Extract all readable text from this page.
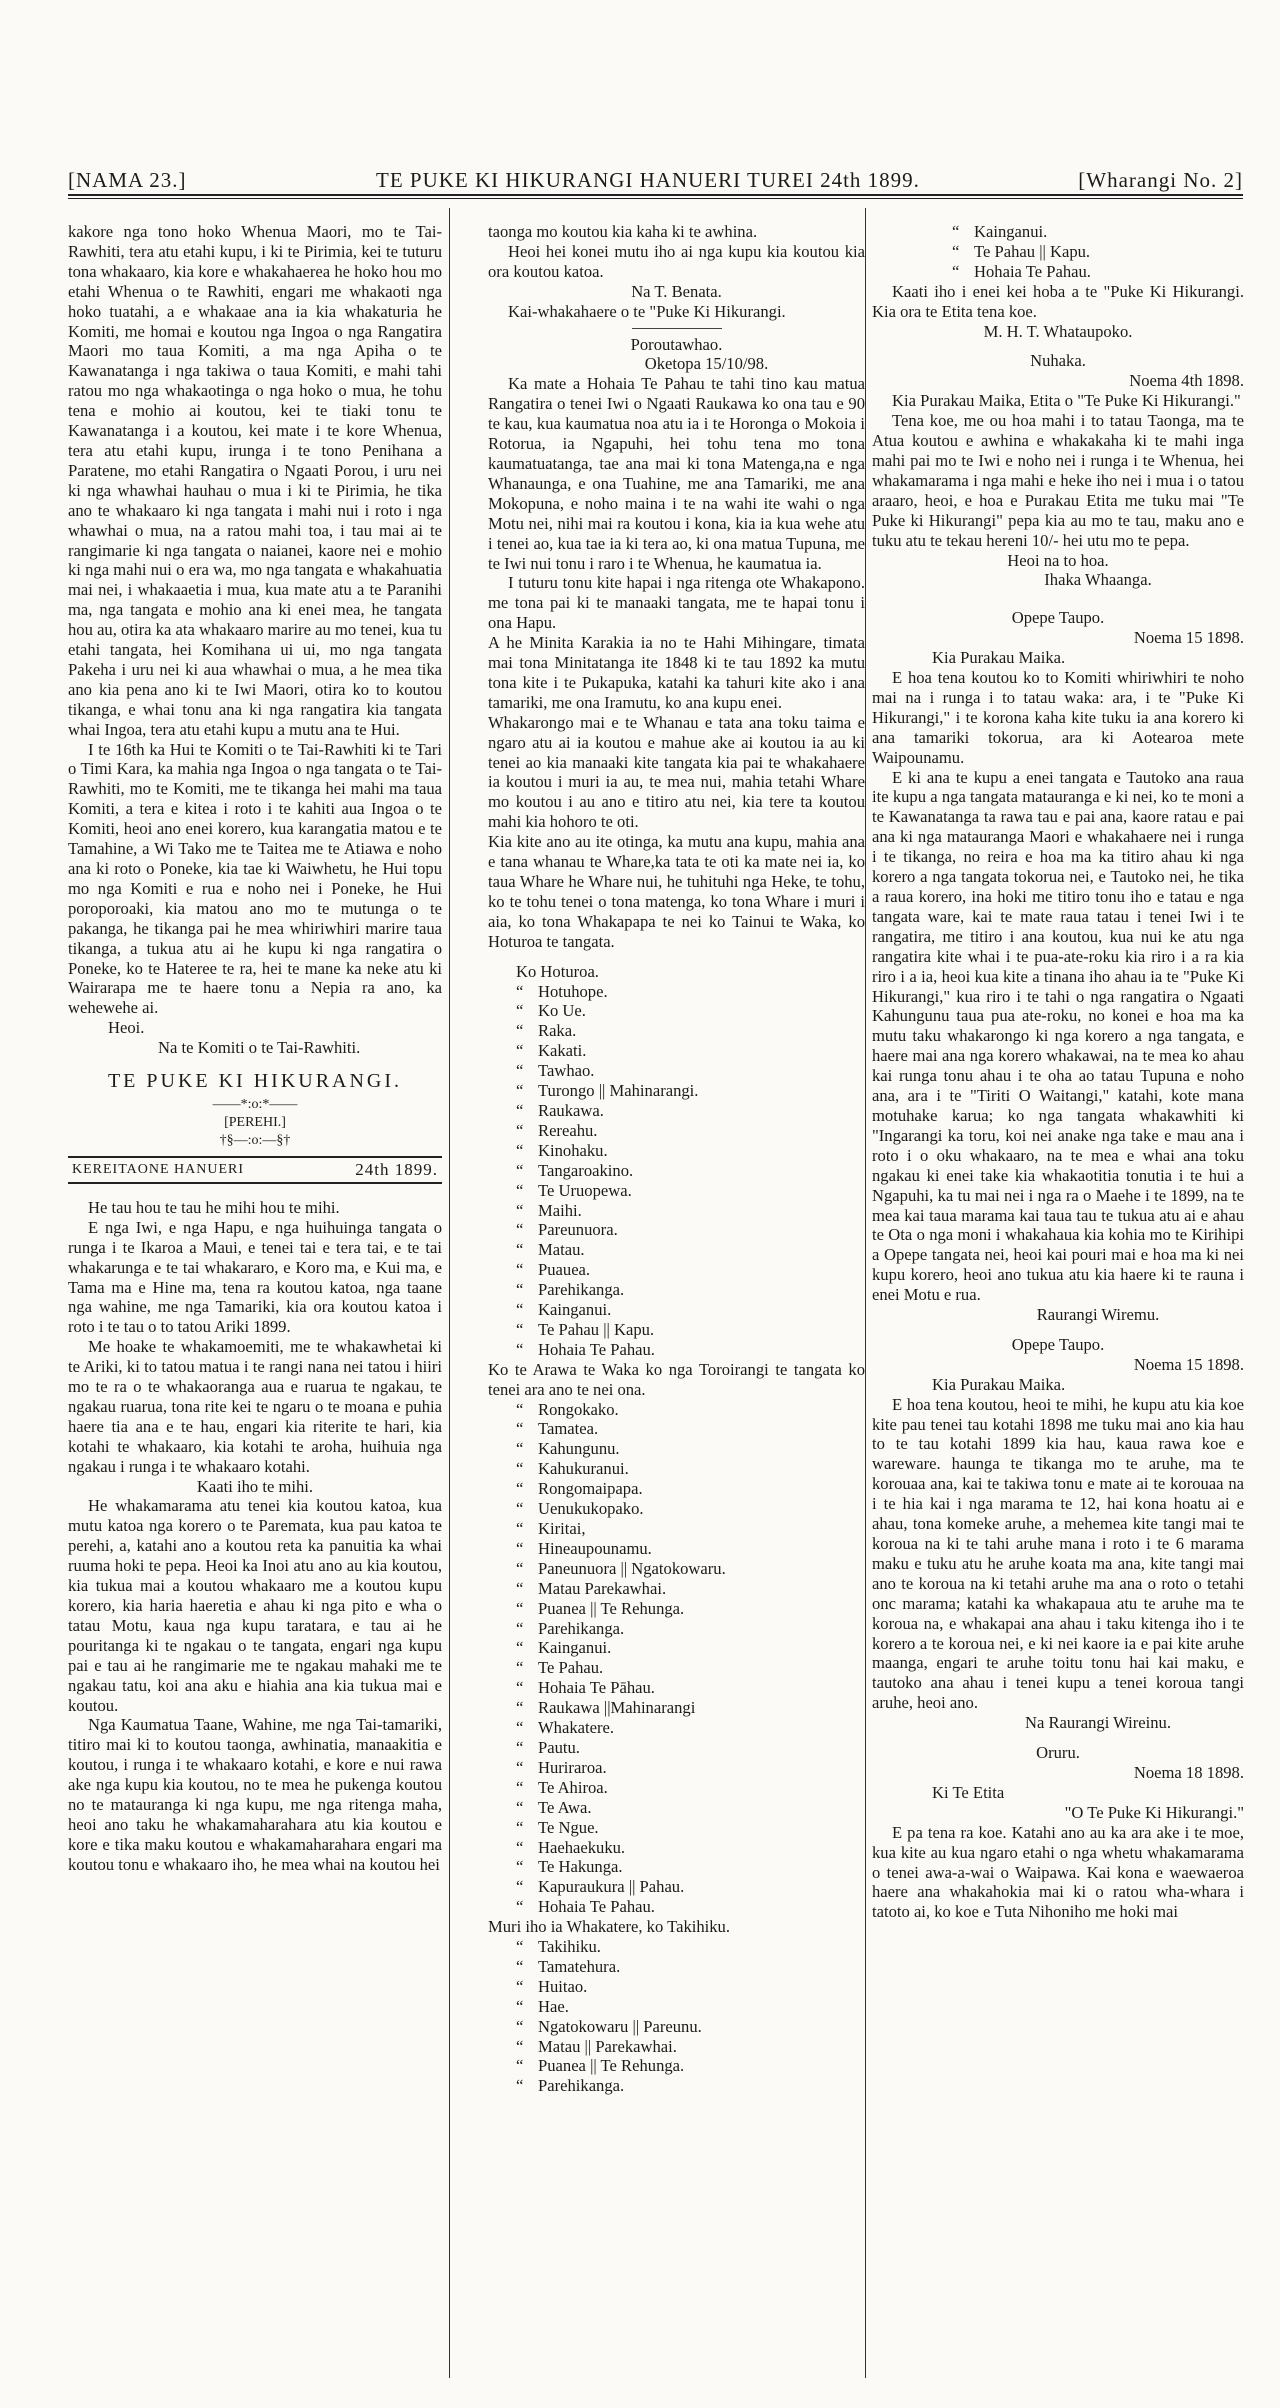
[NAMA 23.]	TE PUKE KI HIKURANGI HANUERI TUREI 24th 1899.	[Wharangi No. 2]

kakore nga tono hoko Whenua Maori, mo te Tai-Rawhiti, tera atu etahi kupu, i ki te Pirimia, kei te tuturu tona whakaaro, kia kore e whakahaerea he hoko hou mo etahi Whenua o te Rawhiti, engari me whakaoti nga hoko tuatahi, a e whakaae ana ia kia whakaturia he Komiti, me homai e koutou nga Ingoa o nga Rangatira Maori mo taua Komiti, a ma nga Apiha o te Kawanatanga i nga takiwa o taua Komiti, e mahi tahi ratou mo nga whakaotinga o nga hoko o mua, he tohu tena e mohio ai koutou, kei te tiaki tonu te Kawanatanga i a koutou, kei mate i te kore Whenua, tera atu etahi kupu, irunga i te tono Penihana a Paratene, mo etahi Rangatira o Ngaati Porou, i uru nei ki nga whawhai hauhau o mua i ki te Pirimia, he tika ano te whakaaro ki nga tangata i mahi nui i roto i nga whawhai o mua, na a ratou mahi toa, i tau mai ai te rangimarie ki nga tangata o naianei, kaore nei e mohio ki nga mahi nui o era wa, mo nga tangata e whakahuatia mai nei, i whakaaetia i mua, kua mate atu a te Paranihi ma, nga tangata e mohio ana ki enei mea, he tangata hou au, otira ka ata whakaaro marire au mo tenei, kua tu etahi tangata, hei Komihana ui ui, mo nga tangata Pakeha i uru nei ki aua whawhai o mua, a he mea tika ano kia pena ano ki te Iwi Maori, otira ko to koutou tikanga, e whai tonu ana ki nga rangatira kia tangata whai Ingoa, tera atu etahi kupu a mutu ana te Hui.

I te 16th ka Hui te Komiti o te Tai-Rawhiti ki te Tari o Timi Kara, ka mahia nga Ingoa o nga tangata o te Tai-Rawhiti, mo te Komiti, me te tikanga hei mahi ma taua Komiti, a tera e kitea i roto i te kahiti aua Ingoa o te Komiti, heoi ano enei korero, kua karangatia matou e te Tamahine, a Wi Tako me te Taitea me te Atiawa e noho ana ki roto o Poneke, kia tae ki Waiwhetu, he Hui topu mo nga Komiti e rua e noho nei i Poneke, he Hui poroporoaki, kia matou ano mo te mutunga o te pakanga, he tikanga pai he mea whiriwhiri marire taua tikanga, a tukua atu ai he kupu ki nga rangatira o Poneke, ko te Hateree te ra, hei te mane ka neke atu ki Wairarapa me te haere tonu a Nepia ra ano, ka wehewehe ai.

Heoi.

Na te Komiti o te Tai-Rawhiti.

TE PUKE KI HIKURANGI.
——*:o:*——
[PEREHI.]
†§—:o:—§†
KEREITAONE HANUERI	24th 1899.

He tau hou te tau he mihi hou te mihi.

E nga Iwi, e nga Hapu, e nga huihuinga tangata o runga i te Ikaroa a Maui, e tenei tai e tera tai, e te tai whakarunga e te tai whakararo, e Koro ma, e Kui ma, e Tama ma e Hine ma, tena ra koutou katoa, nga taane nga wahine, me nga Tamariki, kia ora koutou katoa i roto i te tau o to tatou Ariki 1899.

Me hoake te whakamoemiti, me te whakawhetai ki te Ariki, ki to tatou matua i te rangi nana nei tatou i hiiri mo te ra o te whakaoranga aua e ruarua te ngakau, te ngakau ruarua, tona rite kei te ngaru o te moana e puhia haere tia ana e te hau, engari kia riterite te hari, kia kotahi te whakaaro, kia kotahi te aroha, huihuia nga ngakau i runga i te whakaaro kotahi.

Kaati iho te mihi.

He whakamarama atu tenei kia koutou katoa, kua mutu katoa nga korero o te Paremata, kua pau katoa te perehi, a, katahi ano a koutou reta ka panuitia ka whai ruuma hoki te pepa. Heoi ka Inoi atu ano au kia koutou, kia tukua mai a koutou whakaaro me a koutou kupu korero, kia haria haeretia e ahau ki nga pito e wha o tatau Motu, kaua nga kupu taratara, e tau ai he pouritanga ki te ngakau o te tangata, engari nga kupu pai e tau ai he rangimarie me te ngakau mahaki me te ngakau tatu, koi ana aku e hiahia ana kia tukua mai e koutou.

Nga Kaumatua Taane, Wahine, me nga Tai-tamariki, titiro mai ki to koutou taonga, awhinatia, manaakitia e koutou, i runga i te whakaaro kotahi, e kore e nui rawa ake nga kupu kia koutou, no te mea he pukenga koutou no te matauranga ki nga kupu, me nga ritenga maha, heoi ano taku he whakamaharahara atu kia koutou e kore e tika maku koutou e whakamaharahara engari ma koutou tonu e whakaaro iho, he mea whai na koutou hei

taonga mo koutou kia kaha ki te awhina.

Heoi hei konei mutu iho ai nga kupu kia koutou kia ora koutou katoa.

Na T. Benata.

Kai-whakahaere o te "Puke Ki Hikurangi.

Poroutawhao.

Oketopa 15/10/98.

Ka mate a Hohaia Te Pahau te tahi tino kau matua Rangatira o tenei Iwi o Ngaati Raukawa ko ona tau e 90 te kau, kua kaumatua noa atu ia i te Horonga o Mokoia i Rotorua, ia Ngapuhi, hei tohu tena mo tona kaumatuatanga, tae ana mai ki tona Matenga,na e nga Whanaunga, e ona Tuahine, me ana Tamariki, me ana Mokopuna, e noho maina i te na wahi ite wahi o nga Motu nei, nihi mai ra koutou i kona, kia ia kua wehe atu i tenei ao, kua tae ia ki tera ao, ki ona matua Tupuna, me te Iwi nui tonu i raro i te Whenua, he kaumatua ia.

I tuturu tonu kite hapai i nga ritenga ote Whakapono. me tona pai ki te manaaki tangata, me te hapai tonu i ona Hapu.

A he Minita Karakia ia no te Hahi Mihingare, timata mai tona Minitatanga ite 1848 ki te tau 1892 ka mutu tona kite i te Pukapuka, katahi ka tahuri kite ako i ana tamariki, me ona Iramutu, ko ana kupu enei.

Whakarongo mai e te Whanau e tata ana toku taima e ngaro atu ai ia koutou e mahue ake ai koutou ia au ki tenei ao kia manaaki kite tangata kia pai te whakahaere ia koutou i muri ia au, te mea nui, mahia tetahi Whare mo koutou i au ano e titiro atu nei, kia tere ta koutou mahi kia hohoro te oti.

Kia kite ano au ite otinga, ka mutu ana kupu, mahia ana e tana whanau te Whare,ka tata te oti ka mate nei ia, ko taua Whare he Whare nui, he tuhituhi nga Heke, te tohu, ko te tohu tenei o tona matenga, ko tona Whare i muri i aia, ko tona Whakapapa te nei ko Tainui te Waka, ko Hoturoa te tangata.

Ko Hoturoa.

“ Hotuhope.
“ Ko Ue.
“ Raka.
“ Kakati.
“ Tawhao.
“ Turongo || Mahinarangi.
“ Raukawa.
“ Rereahu.
“ Kinohaku.
“ Tangaroakino.
“ Te Uruopewa.
“ Maihi.
“ Pareunuora.
“ Matau.
“ Puauea.
“ Parehikanga.
“ Kainganui.
“ Te Pahau || Kapu.
“ Hohaia Te Pahau.

Ko te Arawa te Waka ko nga Toroirangi te tangata ko tenei ara ano te nei ona.

“ Rongokako.
“ Tamatea.
“ Kahungunu.
“ Kahukuranui.
“ Rongomaipapa.
“ Uenukukopako.
“ Kiritai,
“ Hineaupounamu.
“ Paneunuora || Ngatokowaru.
“ Matau Parekawhai.
“ Puanea || Te Rehunga.
“ Parehikanga.
“ Kainganui.
“ Te Pahau.
“ Hohaia Te Pāhau.
“ Raukawa ||Mahinarangi
“ Whakatere.
“ Pautu.
“ Huriraroa.
“ Te Ahiroa.
“ Te Awa.
“ Te Ngue.
“ Haehaekuku.
“ Te Hakunga.
“ Kapuraukura || Pahau.
“ Hohaia Te Pahau.

Muri iho ia Whakatere, ko Takihiku.

“ Takihiku.
“ Tamatehura.
“ Huitao.
“ Hae.
“ Ngatokowaru || Pareunu.
“ Matau || Parekawhai.
“ Puanea || Te Rehunga.
“ Parehikanga.
“ Kainganui.
“ Te Pahau || Kapu.
“ Hohaia Te Pahau.

Kaati iho i enei kei hoba a te "Puke Ki Hikurangi. Kia ora te Etita tena koe.

M. H. T. Whataupoko.

Nuhaka.

Noema 4th 1898.

Kia Purakau Maika, Etita o "Te Puke Ki Hikurangi."

Tena koe, me ou hoa mahi i to tatau Taonga, ma te Atua koutou e awhina e whakakaha ki te mahi inga mahi pai mo te Iwi e noho nei i runga i te Whenua, hei whakamarama i nga mahi e heke iho nei i mua i o tatou araaro, heoi, e hoa e Purakau Etita me tuku mai "Te Puke ki Hikurangi" pepa kia au mo te tau, maku ano e tuku atu te tekau hereni 10/- hei utu mo te pepa.

Heoi na to hoa.

Ihaka Whaanga.

Opepe Taupo.

Noema 15 1898.

Kia Purakau Maika.

E hoa tena koutou ko to Komiti whiriwhiri te noho mai na i runga i to tatau waka: ara, i te "Puke Ki Hikurangi," i te korona kaha kite tuku ia ana korero ki ana tamariki tokorua, ara ki Aotearoa mete Waipounamu.

E ki ana te kupu a enei tangata e Tautoko ana raua ite kupu a nga tangata matauranga e ki nei, ko te moni a te Kawanatanga ta rawa tau e pai ana, kaore ratau e pai ana ki nga matauranga Maori e whakahaere nei i runga i te tikanga, no reira e hoa ma ka titiro ahau ki nga korero a nga tangata tokorua nei, e Tautoko nei, he tika a raua korero, ina hoki me titiro tonu iho e tatau e nga tangata ware, kai te mate raua tatau i tenei Iwi i te rangatira, me titiro i ana koutou, kua nui ke atu nga rangatira kite whai i te pua-ate-roku kia riro i a ra kia riro i a ia, heoi kua kite a tinana iho ahau ia te "Puke Ki Hikurangi," kua riro i te tahi o nga rangatira o Ngaati Kahungunu taua pua ate-roku, no konei e hoa ma ka mutu taku whakarongo ki nga korero a nga tangata, e haere mai ana nga korero whakawai, na te mea ko ahau kai runga tonu ahau i te oha ao tatau Tupuna e noho ana, ara i te "Tiriti O Waitangi," katahi, kote mana motuhake karua; ko nga tangata whakawhiti ki "Ingarangi ka toru, koi nei anake nga take e mau ana i roto i o oku whakaaro, na te mea e whai ana toku ngakau ki enei take kia whakaotitia tonutia i te hui a Ngapuhi, ka tu mai nei i nga ra o Maehe i te 1899, na te mea kai taua marama kai taua tau te tukua atu ai e ahau te Ota o nga moni i whakahaua kia kohia mo te Kirihipi a Opepe tangata nei, heoi kai pouri mai e hoa ma ki nei kupu korero, heoi ano tukua atu kia haere ki te rauna i enei Motu e rua.

Raurangi Wiremu.

Opepe Taupo.

Noema 15 1898.

Kia Purakau Maika.

E hoa tena koutou, heoi te mihi, he kupu atu kia koe kite pau tenei tau kotahi 1898 me tuku mai ano kia hau to te tau kotahi 1899 kia hau, kaua rawa koe e wareware. haunga te tikanga mo te aruhe, ma te korouaa ana, kai te takiwa tonu e mate ai te korouaa na i te hia kai i nga marama te 12, hai kona hoatu ai e ahau, tona komeke aruhe, a mehemea kite tangi mai te koroua na ki te tahi aruhe mana i roto i te 6 marama maku e tuku atu he aruhe koata ma ana, kite tangi mai ano te koroua na ki tetahi aruhe ma ana o roto o tetahi onc marama; katahi ka whakapaua atu te aruhe ma te koroua na, e whakapai ana ahau i taku kitenga iho i te korero a te koroua nei, e ki nei kaore ia e pai kite aruhe maanga, engari te aruhe toitu tonu hai kai maku, e tautoko ana ahau i tenei kupu a tenei koroua tangi aruhe, heoi ano.

Na Raurangi Wireinu.

Oruru.

Noema 18 1898.

Ki Te Etita

"O Te Puke Ki Hikurangi."

E pa tena ra koe. Katahi ano au ka ara ake i te moe, kua kite au kua ngaro etahi o nga whetu whakamarama o tenei awa-a-wai o Waipawa. Kai kona e waewaeroa haere ana whakahokia mai ki o ratou wha-whara i tatoto ai, ko koe e Tuta Nihoniho me hoki mai
